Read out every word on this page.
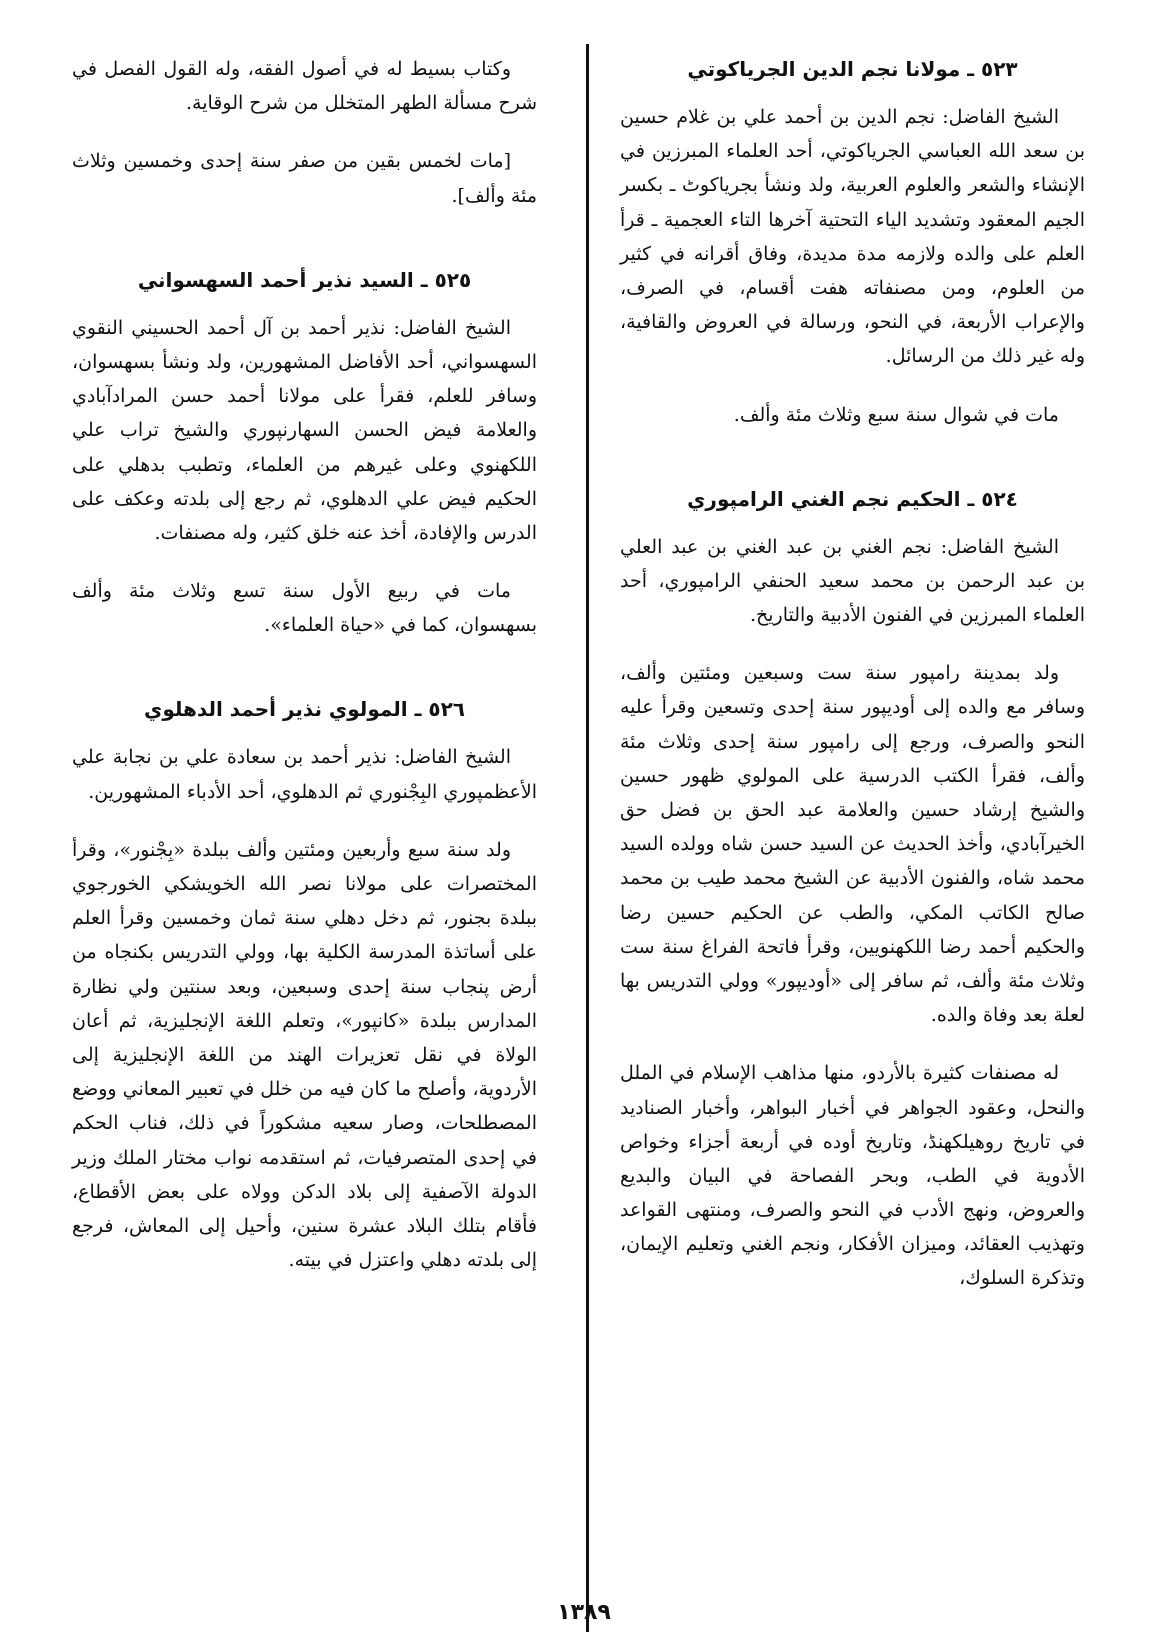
٥٢٣ ـ مولانا نجم الدين الجرياكوتي

الشيخ الفاضل: نجم الدين بن أحمد علي بن غلام حسين بن سعد الله العباسي الجرياكوتي، أحد العلماء المبرزين في الإنشاء والشعر والعلوم العربية، ولد ونشأ بجرياكوٹ ـ بكسر الجيم المعقود وتشديد الياء التحتية آخرها التاء العجمية ـ قرأ العلم على والده ولازمه مدة مديدة، وفاق أقرانه في كثير من العلوم، ومن مصنفاته هفت أقسام، في الصرف، والإعراب الأربعة، في النحو، ورسالة في العروض والقافية، وله غير ذلك من الرسائل.

مات في شوال سنة سبع وثلاث مئة وألف.

٥٢٤ ـ الحكيم نجم الغني الرامپوري

الشيخ الفاضل: نجم الغني بن عبد الغني بن عبد العلي بن عبد الرحمن بن محمد سعيد الحنفي الرامپوري، أحد العلماء المبرزين في الفنون الأدبية والتاريخ.

ولد بمدينة رامپور سنة ست وسبعين ومئتين وألف، وسافر مع والده إلى أوديپور سنة إحدى وتسعين وقرأ عليه النحو والصرف، ورجع إلى رامپور سنة إحدى وثلاث مئة وألف، فقرأ الكتب الدرسية على المولوي ظهور حسين والشيخ إرشاد حسين والعلامة عبد الحق بن فضل حق الخيرآبادي، وأخذ الحديث عن السيد حسن شاه وولده السيد محمد شاه، والفنون الأدبية عن الشيخ محمد طيب بن محمد صالح الكاتب المكي، والطب عن الحكيم حسين رضا والحكيم أحمد رضا اللكهنويين، وقرأ فاتحة الفراغ سنة ست وثلاث مئة وألف، ثم سافر إلى «أوديپور» وولي التدريس بها لعلة بعد وفاة والده.

له مصنفات كثيرة بالأردو، منها مذاهب الإسلام في الملل والنحل، وعقود الجواهر في أخبار البواهر، وأخبار الصناديد في تاريخ روهيلكهنڈ، وتاريخ أوده في أربعة أجزاء وخواص الأدوية في الطب، وبحر الفصاحة في البيان والبديع والعروض، ونهج الأدب في النحو والصرف، ومنتهى القواعد وتهذيب العقائد، وميزان الأفكار، ونجم الغني وتعليم الإيمان، وتذكرة السلوك،

وكتاب بسيط له في أصول الفقه، وله القول الفصل في شرح مسألة الطهر المتخلل من شرح الوقاية.

[مات لخمس بقين من صفر سنة إحدى وخمسين وثلاث مئة وألف].

٥٢٥ ـ السيد نذير أحمد السهسواني

الشيخ الفاضل: نذير أحمد بن آل أحمد الحسيني النقوي السهسواني، أحد الأفاضل المشهورين، ولد ونشأ بسهسوان، وسافر للعلم، فقرأ على مولانا أحمد حسن المرادآبادي والعلامة فيض الحسن السهارنپوري والشيخ تراب علي اللكهنوي وعلى غيرهم من العلماء، وتطبب بدهلي على الحكيم فيض علي الدهلوي، ثم رجع إلى بلدته وعكف على الدرس والإفادة، أخذ عنه خلق كثير، وله مصنفات.

مات في ربيع الأول سنة تسع وثلاث مئة وألف بسهسوان، كما في «حياة العلماء».

٥٢٦ ـ المولوي نذير أحمد الدهلوي

الشيخ الفاضل: نذير أحمد بن سعادة علي بن نجابة علي الأعظمپوري البِجْنوري ثم الدهلوي، أحد الأدباء المشهورين.

ولد سنة سبع وأربعين ومئتين وألف ببلدة «بِجْنور»، وقرأ المختصرات على مولانا نصر الله الخويشكي الخورجوي ببلدة بجنور، ثم دخل دهلي سنة ثمان وخمسين وقرأ العلم على أساتذة المدرسة الكلية بها، وولي التدريس بكنجاه من أرض پنجاب سنة إحدى وسبعين، وبعد سنتين ولي نظارة المدارس ببلدة «كانپور»، وتعلم اللغة الإنجليزية، ثم أعان الولاة في نقل تعزيرات الهند من اللغة الإنجليزية إلى الأردوية، وأصلح ما كان فيه من خلل في تعبير المعاني ووضع المصطلحات، وصار سعيه مشكوراً في ذلك، فناب الحكم في إحدى المتصرفيات، ثم استقدمه نواب مختار الملك وزير الدولة الآصفية إلى بلاد الدكن وولاه على بعض الأقطاع، فأقام بتلك البلاد عشرة سنين، وأحيل إلى المعاش، فرجع إلى بلدته دهلي واعتزل في بيته.

١٣٨٩
